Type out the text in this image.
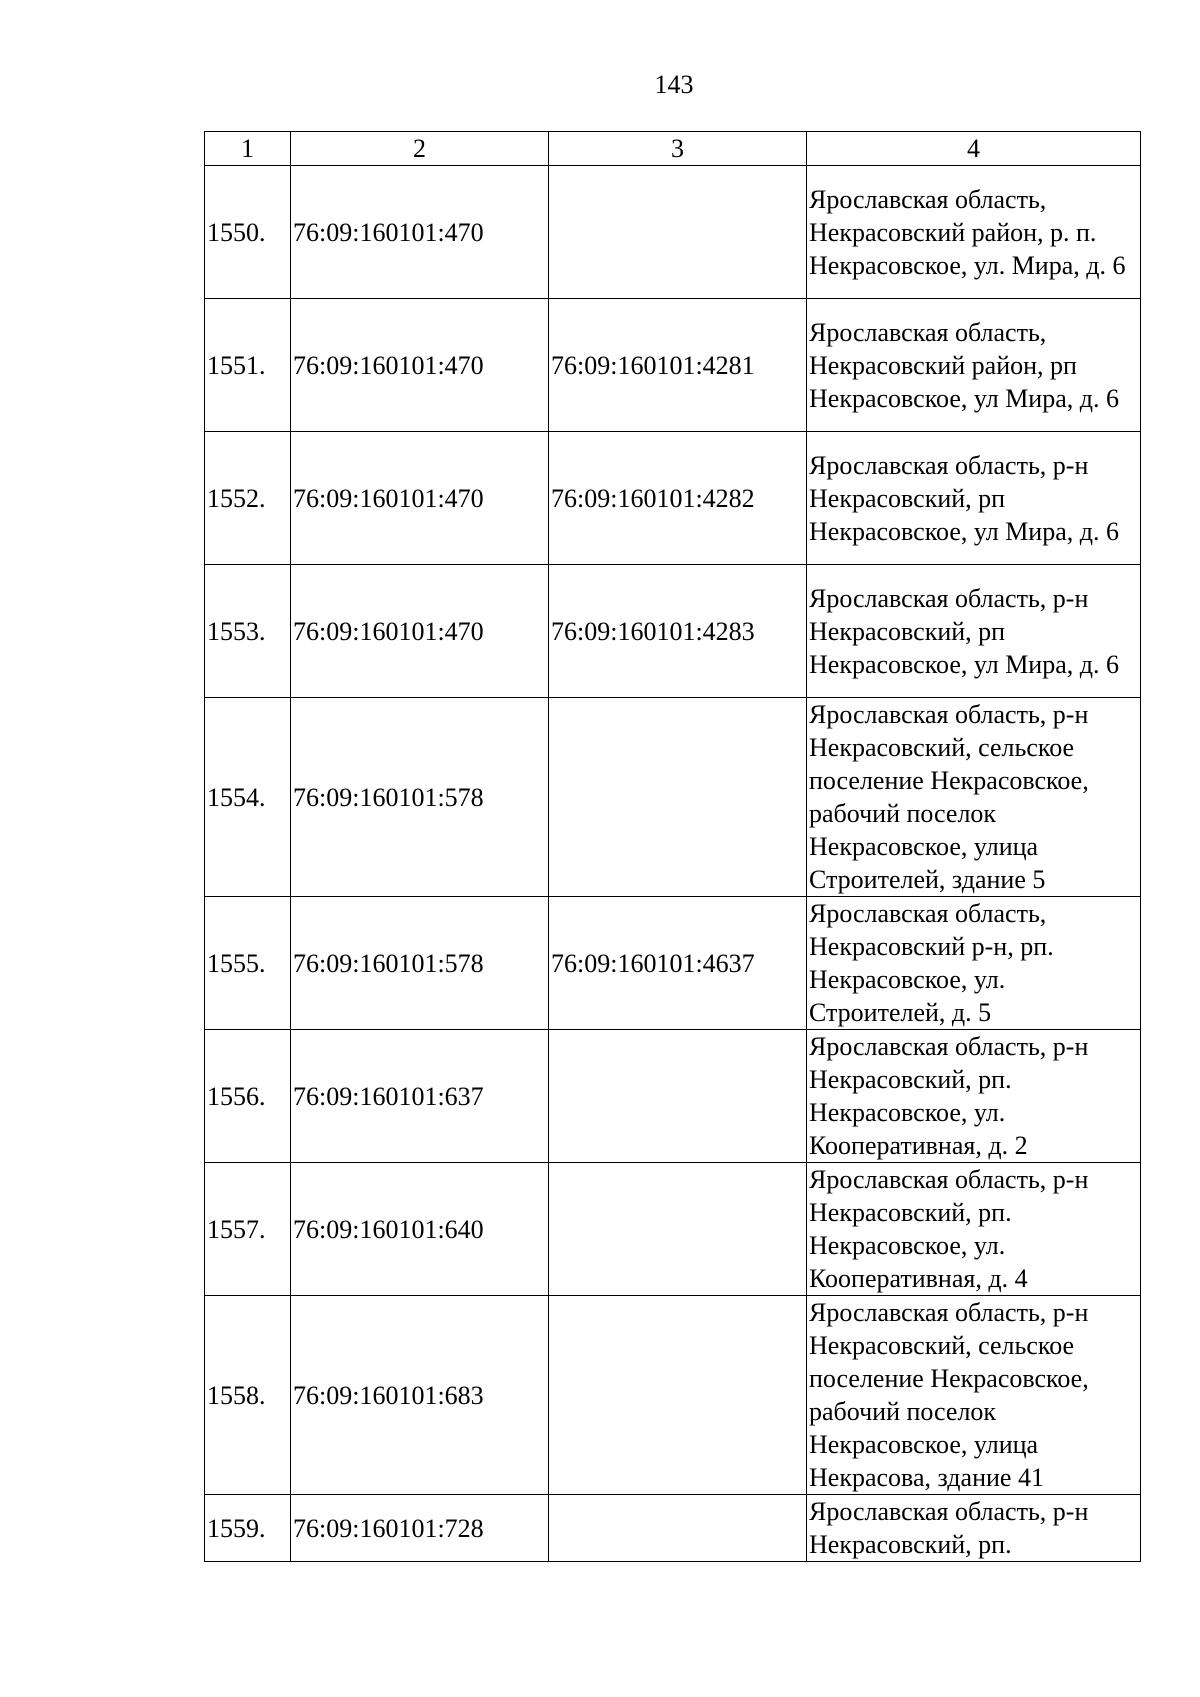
143
1	2	3	4
1550.	76:09:160101:470		Ярославская область, Некрасовский район, р. п. Некрасовское, ул. Мира, д. 6
1551.	76:09:160101:470	76:09:160101:4281	Ярославская область, Некрасовский район, рп Некрасовское, ул Мира, д. 6
1552.	76:09:160101:470	76:09:160101:4282	Ярославская область, р-н Некрасовский, рп Некрасовское, ул Мира, д. 6
1553.	76:09:160101:470	76:09:160101:4283	Ярославская область, р-н Некрасовский, рп Некрасовское, ул Мира, д. 6
1554.	76:09:160101:578		Ярославская область, р-н Некрасовский, сельское поселение Некрасовское, рабочий поселок Некрасовское, улица Строителей, здание 5
1555.	76:09:160101:578	76:09:160101:4637	Ярославская область, Некрасовский р-н, рп. Некрасовское, ул. Строителей, д. 5
1556.	76:09:160101:637		Ярославская область, р-н Некрасовский, рп. Некрасовское, ул. Кооперативная, д. 2
1557.	76:09:160101:640		Ярославская область, р-н Некрасовский, рп. Некрасовское, ул. Кооперативная, д. 4
1558.	76:09:160101:683		Ярославская область, р-н Некрасовский, сельское поселение Некрасовское, рабочий поселок Некрасовское, улица Некрасова, здание 41
1559.	76:09:160101:728		Ярославская область, р-н Некрасовский, рп.
